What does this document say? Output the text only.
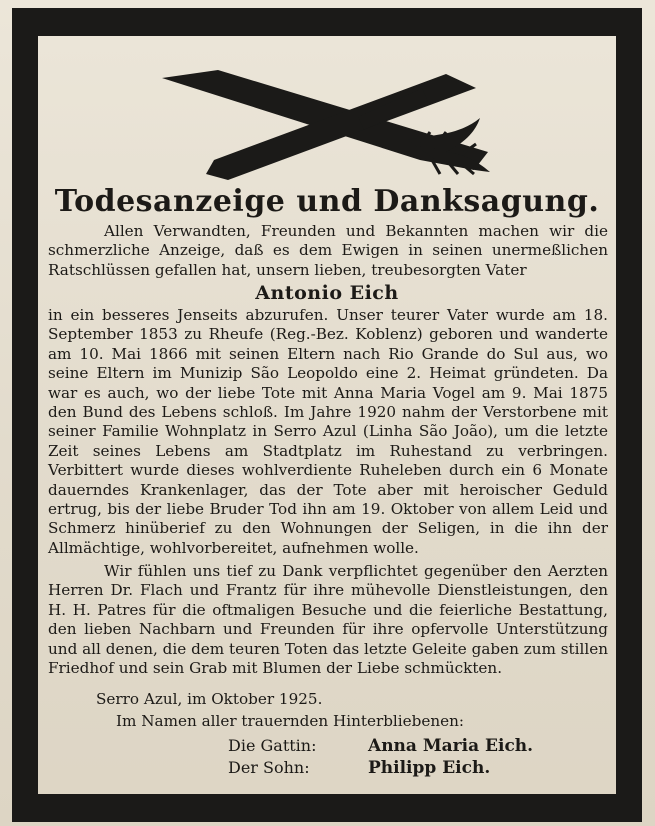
Todesanzeige und Danksagung.
Allen Verwandten, Freunden und Bekannten machen wir die schmerzliche Anzeige, daß es dem Ewigen in seinen unermeßlichen Ratschlüssen gefallen hat, unsern lieben, treubesorgten Vater
Antonio Eich
in ein besseres Jenseits abzurufen. Unser teurer Vater wurde am 18. September 1853 zu Rheufe (Reg.-Bez. Koblenz) geboren und wanderte am 10. Mai 1866 mit seinen Eltern nach Rio Grande do Sul aus, wo seine Eltern im Munizip São Leopoldo eine 2. Heimat gründeten. Da war es auch, wo der liebe Tote mit Anna Maria Vogel am 9. Mai 1875 den Bund des Lebens schloß. Im Jahre 1920 nahm der Verstorbene mit seiner Familie Wohnplatz in Serro Azul (Linha São João), um die letzte Zeit seines Lebens am Stadtplatz im Ruhestand zu verbringen. Verbittert wurde dieses wohlverdiente Ruheleben durch ein 6 Monate dauerndes Krankenlager, das der Tote aber mit heroischer Geduld ertrug, bis der liebe Bruder Tod ihn am 19. Oktober von allem Leid und Schmerz hinüberief zu den Wohnungen der Seligen, in die ihn der Allmächtige, wohlvorbereitet, aufnehmen wolle.
Wir fühlen uns tief zu Dank verpflichtet gegenüber den Aerzten Herren Dr. Flach und Frantz für ihre mühevolle Dienstleistungen, den H. H. Patres für die oftmaligen Besuche und die feierliche Bestattung, den lieben Nachbarn und Freunden für ihre opfervolle Unterstützung und all denen, die dem teuren Toten das letzte Geleite gaben zum stillen Friedhof und sein Grab mit Blumen der Liebe schmückten.
Serro Azul, im Oktober 1925.
Im Namen aller trauernden Hinterbliebenen:
Die Gattin:	Anna Maria Eich.
Der Sohn:	Philipp Eich.
